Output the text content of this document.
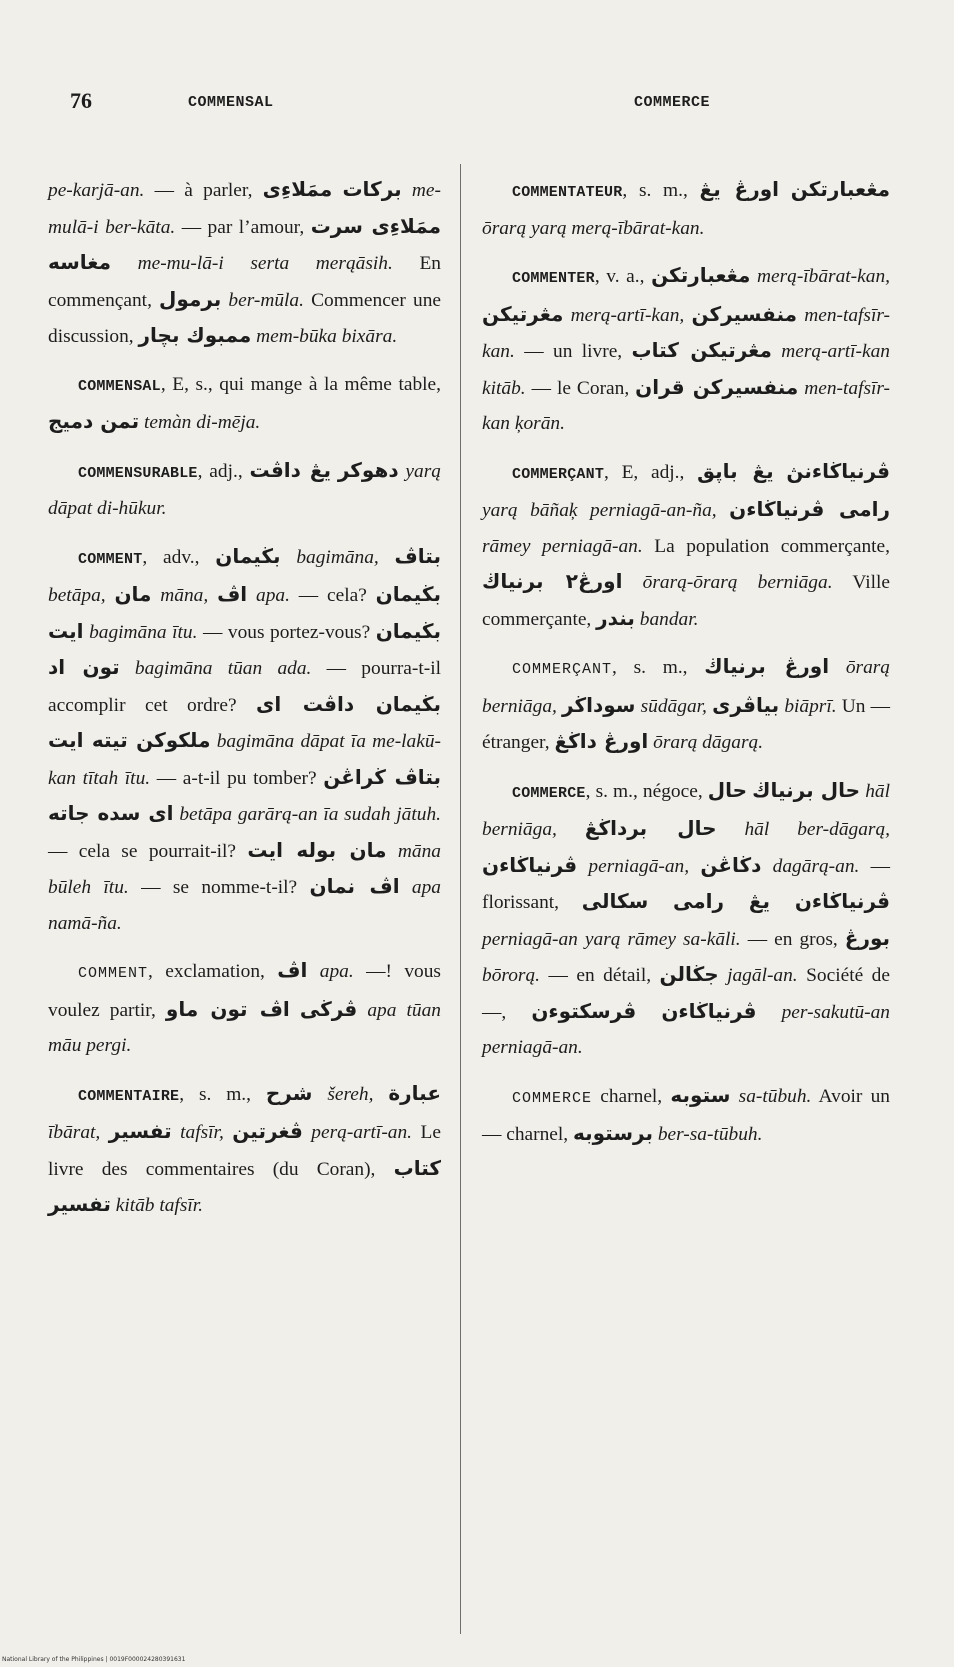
76	COMMENSAL	COMMERCE

pe-karjā-an. — à parler, ممَلاءِى بركات me-mulā-i ber-kāta. — par l’amour, ممَلاءِى سرت مغاسه me-mu-lā-i serta merąāsih. En commençant, برمول ber-mūla. Commencer une discussion, ممبوك بچار mem-būka bixāra.

COMMENSAL, E, s., qui mange à la même table, تمن دميج temàn di-mēja.

COMMENSURABLE, adj., يڠ داڤت دهوكر yarą dāpat di-hūkur.

COMMENT, adv., بڬيمان bagimāna, بتاڤ betāpa, مان māna, اڤ apa. — cela? بڬيمان ايت bagimāna ītu. — vous portez-vous? بڬيمان تون اد bagimāna tūan ada. — pourra-t-il accomplir cet ordre? بڬيمان داڤت اى ملكوكن تيته ايت bagimāna dāpat īa me-lakū-kan tītah ītu. — a-t-il pu tomber? بتاڤ ڬراڠن اى سده جاته betāpa garārą-an īa sudah jātuh. — cela se pourrait-il? مان بوله ايت māna būleh ītu. — se nomme-t-il? اڤ نمان apa namā-ña.

COMMENT, exclamation, اڤ apa. —! vous voulez partir, اڤ تون ماو ڤرڬى apa tūan māu pergi.

COMMENTAIRE, s. m., شرح šereh, عبارة ībārat, تفسير tafsīr, ڤغرتين perą-artī-an. Le livre des commentaires (du Coran), كتاب تفسير kitāb tafsīr.

COMMENTATEUR, s. m., اورڠ يڠ مڠعبارتكن ōrarą yarą merą-ībārat-kan.

COMMENTER, v. a., مڠعبارتكن merą-ībārat-kan, مڠرتيكن merą-artī-kan, منفسيركن men-tafsīr-kan. — un livre, مڠرتيكن كتاب merą-artī-kan kitāb. — le Coran, منفسيركن قران men-tafsīr-kan ķorān.

COMMERÇANT, E, adj., يڠ باڽق ڤرنياڬاءنڽ yarą bāñaķ perniagā-an-ña, رامى ڤرنياڬاءن rāmey perniagā-an. La population commerçante, اورڠ٢ برنياڬ ōrarą-ōrarą berniāga. Ville commerçante, بندر bandar.

COMMERÇANT, s. m., اورڠ برنياڬ ōrarą berniāga, سوداڬر sūdāgar, بياڤرى biāprī. Un — étranger, اورڠ داڬڠ ōrarą dāgarą.

COMMERCE, s. m., négoce, حال حال برنياڬ hāl berniāga, حال برداڬڠ hāl ber-dāgarą, ڤرنياڬاءن perniagā-an, دڬاڠن dagārą-an. — florissant, ڤرنياڬاءن يڠ رامى سكالى perniagā-an yarą rāmey sa-kāli. — en gros, بورڠ bōrorą. — en détail, جڬالن jagāl-an. Société de —, ڤرسكتوءن ڤرنياڬاءن per-sakutū-an perniagā-an.

COMMERCE charnel, ستوبه sa-tūbuh. Avoir un — charnel, برستوبه ber-sa-tūbuh.

National Library of the Philippines | 0019F000024280391631
